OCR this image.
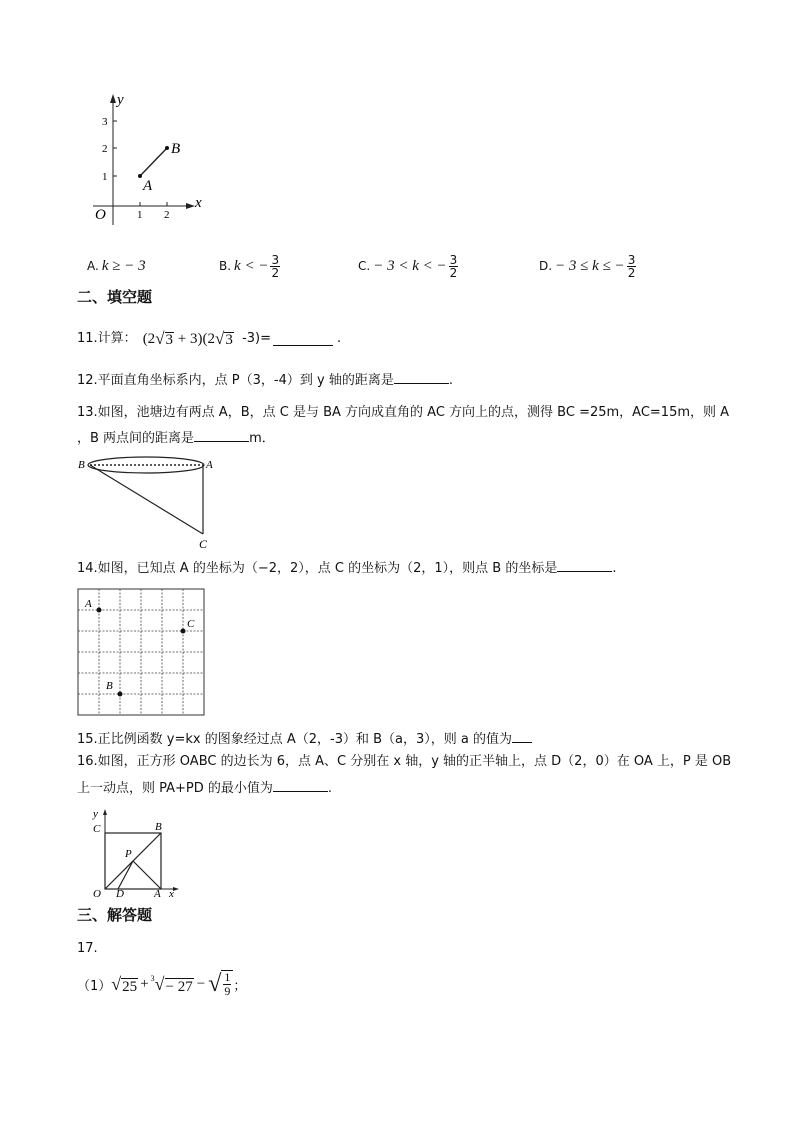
y
x
O
A
B
1
2
3
1 2
A. k ≥ − 3	B. k < − $\frac{3}{2}$	C. − 3 < k < − $\frac{3}{2}$	D. − 3 ≤ k ≤ − $\frac{3}{2}$
二、填空题
11.计算： (2 √ 3 + 3)(2 √ 3 -3)=	.
12.平面直角坐标系内，点 P（3，-4）到 y 轴的距离是	.
13.如图，池塘边有两点 A，B，点 C 是与 BA 方向成直角的 AC 方向上的点，测得 BC =25m，AC=15m，则 A
，B 两点间的距离是	m．
B	A
C
14.如图，已知点 A 的坐标为（−2，2），点 C 的坐标为（2，1），则点 B 的坐标是	.
A
C
B
15.正比例函数 y=kx 的图象经过点 A（2，-3）和 B（a，3），则 a 的值为
16.如图，正方形 OABC 的边长为 6，点 A、C 分别在 x 轴，y 轴的正半轴上，点 D（2，0）在 OA 上，P 是 OB
上一动点，则 PA+PD 的最小值为	.
y
C	B
P
O D	A x
三、解答题
17.
（1） √ 25 + 3 √ − 27 − √ 1
9 ；
